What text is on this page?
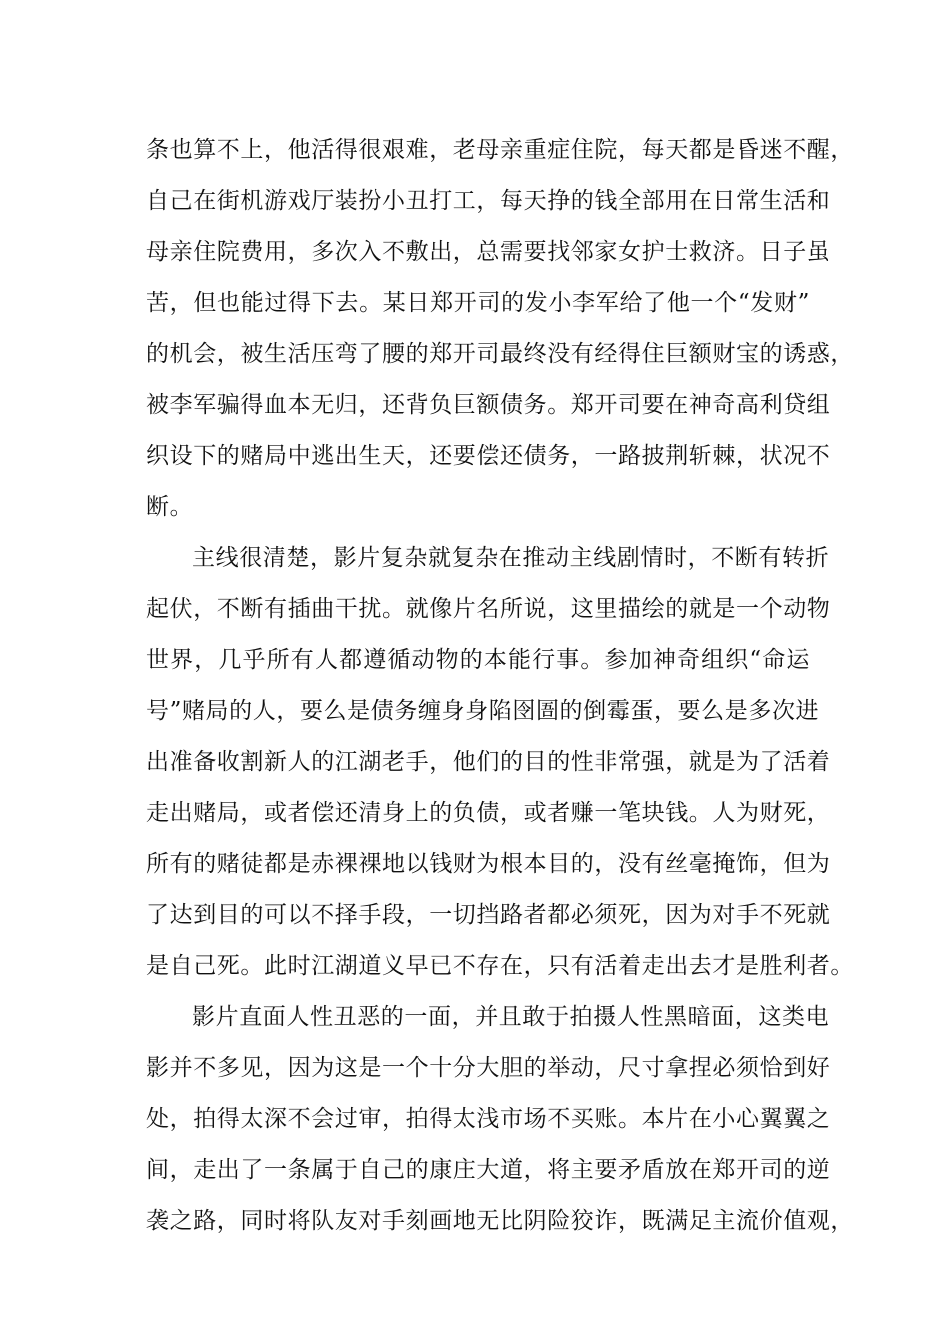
条也算不上，他活得很艰难，老母亲重症住院，每天都是昏迷不醒，
自己在街机游戏厅装扮小丑打工，每天挣的钱全部用在日常生活和
母亲住院费用，多次入不敷出，总需要找邻家女护士救济。日子虽
苦，但也能过得下去。某日郑开司的发小李军给了他一个“发财”
的机会，被生活压弯了腰的郑开司最终没有经得住巨额财宝的诱惑，
被李军骗得血本无归，还背负巨额债务。郑开司要在神奇高利贷组
织设下的赌局中逃出生天，还要偿还债务，一路披荆斩棘，状况不
断。
主线很清楚，影片复杂就复杂在推动主线剧情时，不断有转折
起伏，不断有插曲干扰。就像片名所说，这里描绘的就是一个动物
世界，几乎所有人都遵循动物的本能行事。参加神奇组织“命运
号”赌局的人，要么是债务缠身身陷囹圄的倒霉蛋，要么是多次进
出准备收割新人的江湖老手，他们的目的性非常强，就是为了活着
走出赌局，或者偿还清身上的负债，或者赚一笔块钱。人为财死，
所有的赌徒都是赤裸裸地以钱财为根本目的，没有丝毫掩饰，但为
了达到目的可以不择手段，一切挡路者都必须死，因为对手不死就
是自己死。此时江湖道义早已不存在，只有活着走出去才是胜利者。
影片直面人性丑恶的一面，并且敢于拍摄人性黑暗面，这类电
影并不多见，因为这是一个十分大胆的举动，尺寸拿捏必须恰到好
处，拍得太深不会过审，拍得太浅市场不买账。本片在小心翼翼之
间，走出了一条属于自己的康庄大道，将主要矛盾放在郑开司的逆
袭之路，同时将队友对手刻画地无比阴险狡诈，既满足主流价值观，
